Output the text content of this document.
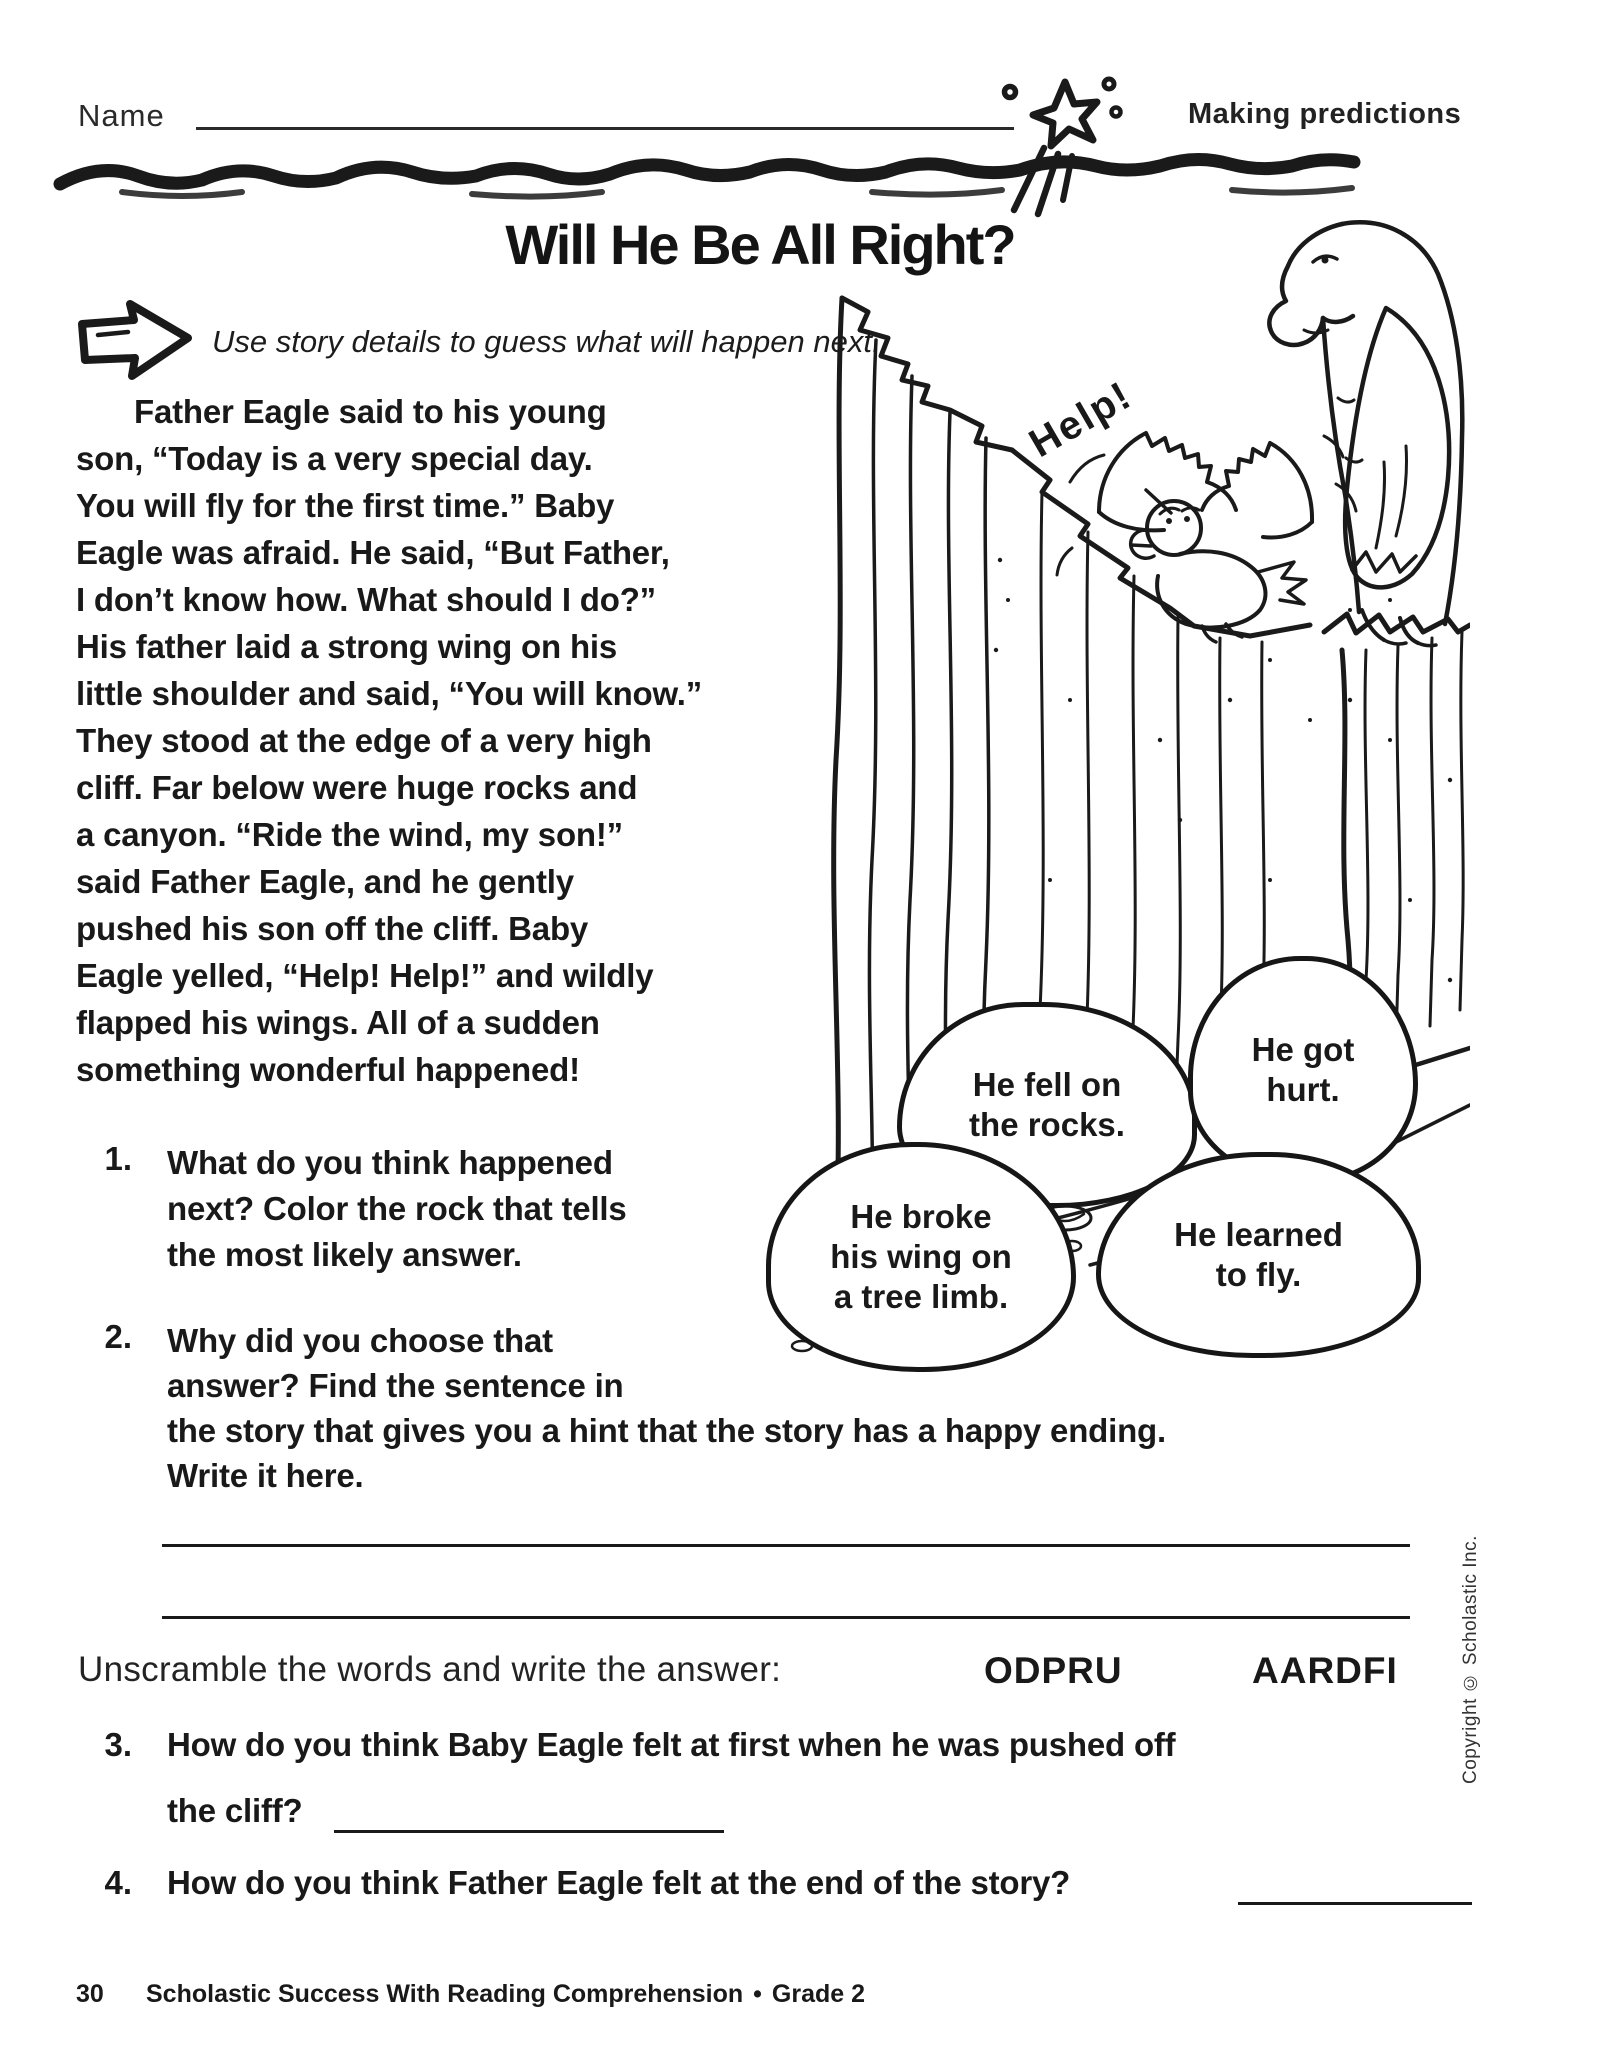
Name	Making predictions
Will He Be All Right?
Use story details to guess what will happen next.
Father Eagle said to his young
son, “Today is a very special day.
You will fly for the first time.” Baby
Eagle was afraid. He said, “But Father,
I don’t know how. What should I do?”
His father laid a strong wing on his
little shoulder and said, “You will know.”
They stood at the edge of a very high
cliff. Far below were huge rocks and
a canyon. “Ride the wind, my son!”
said Father Eagle, and he gently
pushed his son off the cliff. Baby
Eagle yelled, “Help! Help!” and wildly
flapped his wings. All of a sudden
something wonderful happened!
Help!
He fell on
the rocks.
He got
hurt.
He broke
his wing on
a tree limb.
He learned
to fly.
1. What do you think happened
next? Color the rock that tells
the most likely answer.
2. Why did you choose that
answer? Find the sentence in
the story that gives you a hint that the story has a happy ending.
Write it here.
Unscramble the words and write the answer:	ODPRU	AARDFI
3. How do you think Baby Eagle felt at first when he was pushed off
the cliff?
4. How do you think Father Eagle felt at the end of the story?
30 Scholastic Success With Reading Comprehension • Grade 2
Copyright © Scholastic Inc.
